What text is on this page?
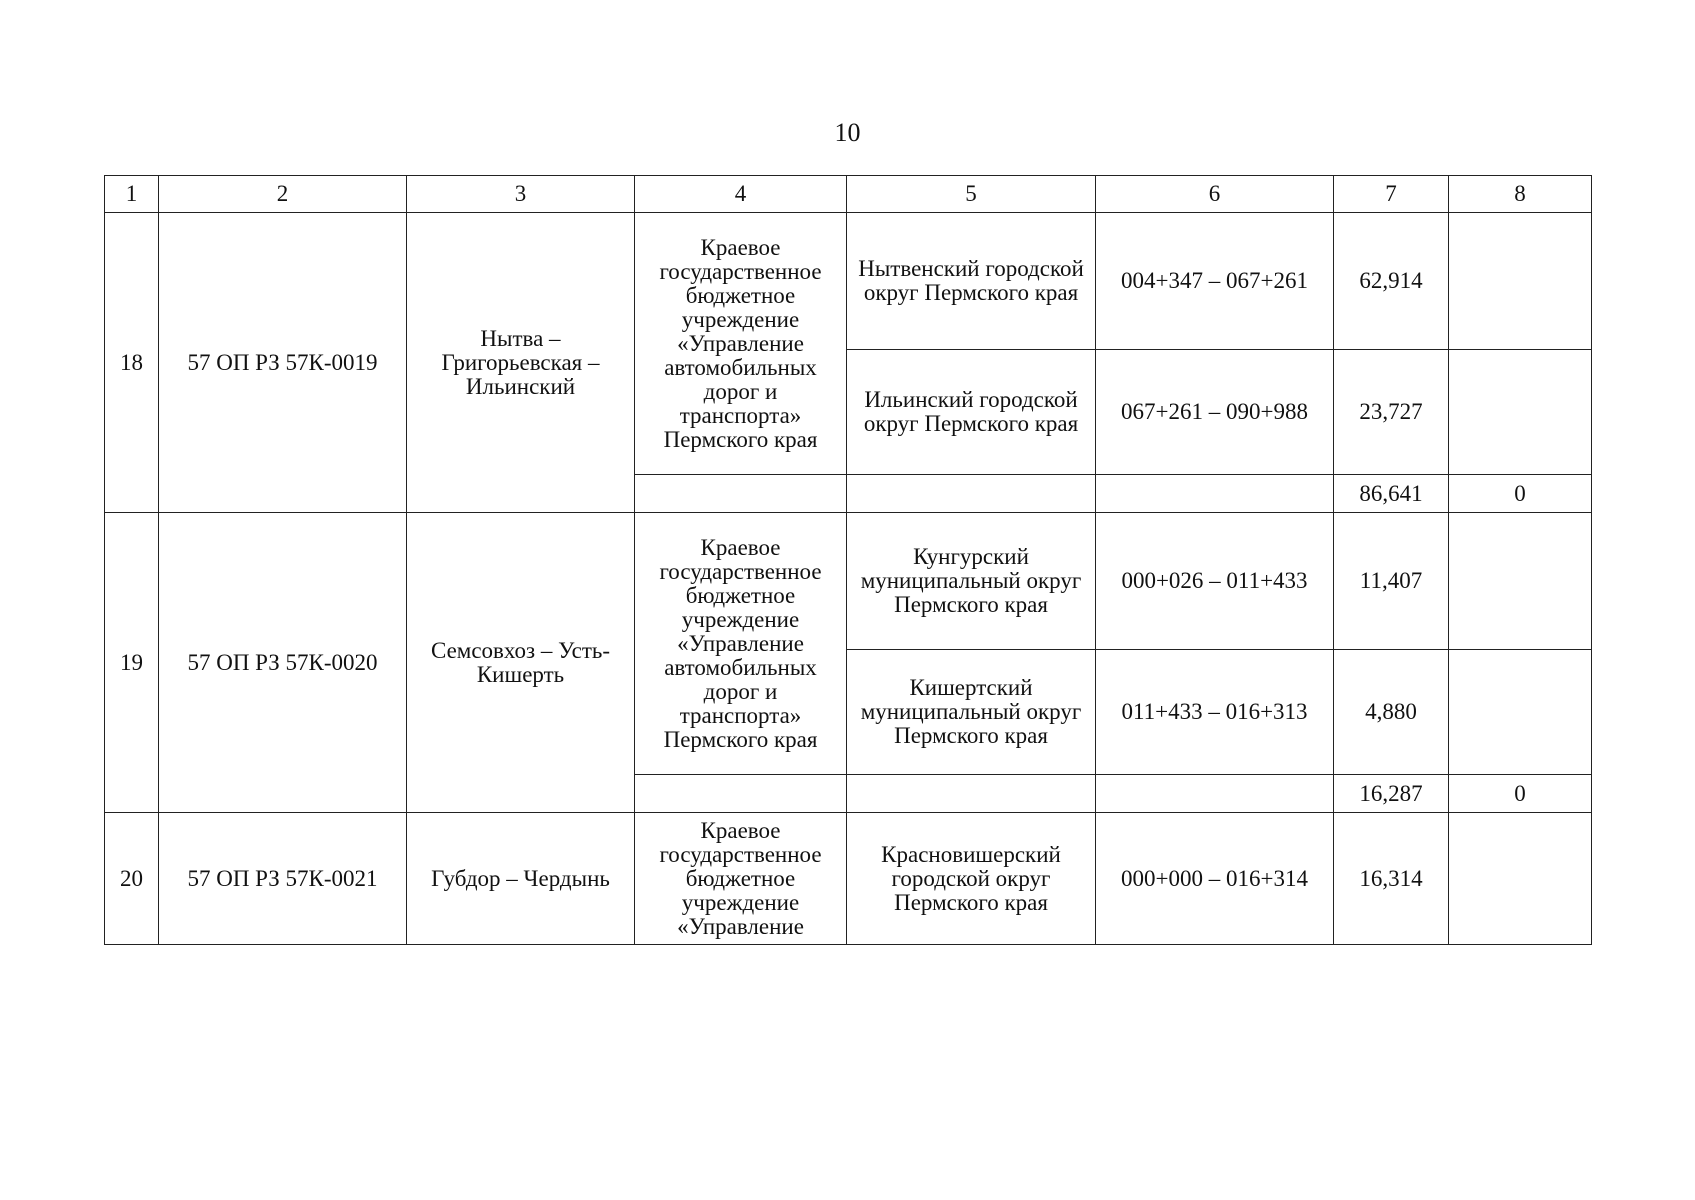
10
1	2	3	4	5	6	7	8
18	57 ОП РЗ 57К-0019	Нытва – Григорьевская – Ильинский	Краевое государственное бюджетное учреждение «Управление автомобильных дорог и транспорта» Пермского края	Нытвенский городской округ Пермского края	004+347 – 067+261	62,914	
				Ильинский городской округ Пермского края	067+261 – 090+988	23,727	
						86,641	0
19	57 ОП РЗ 57К-0020	Семсовхоз – Усть-Кишерть	Краевое государственное бюджетное учреждение «Управление автомобильных дорог и транспорта» Пермского края	Кунгурский муниципальный округ Пермского края	000+026 – 011+433	11,407	
				Кишертский муниципальный округ Пермского края	011+433 – 016+313	4,880	
						16,287	0
20	57 ОП РЗ 57К-0021	Губдор – Чердынь	Краевое государственное бюджетное учреждение «Управление	Красновишерский городской округ Пермского края	000+000 – 016+314	16,314	
